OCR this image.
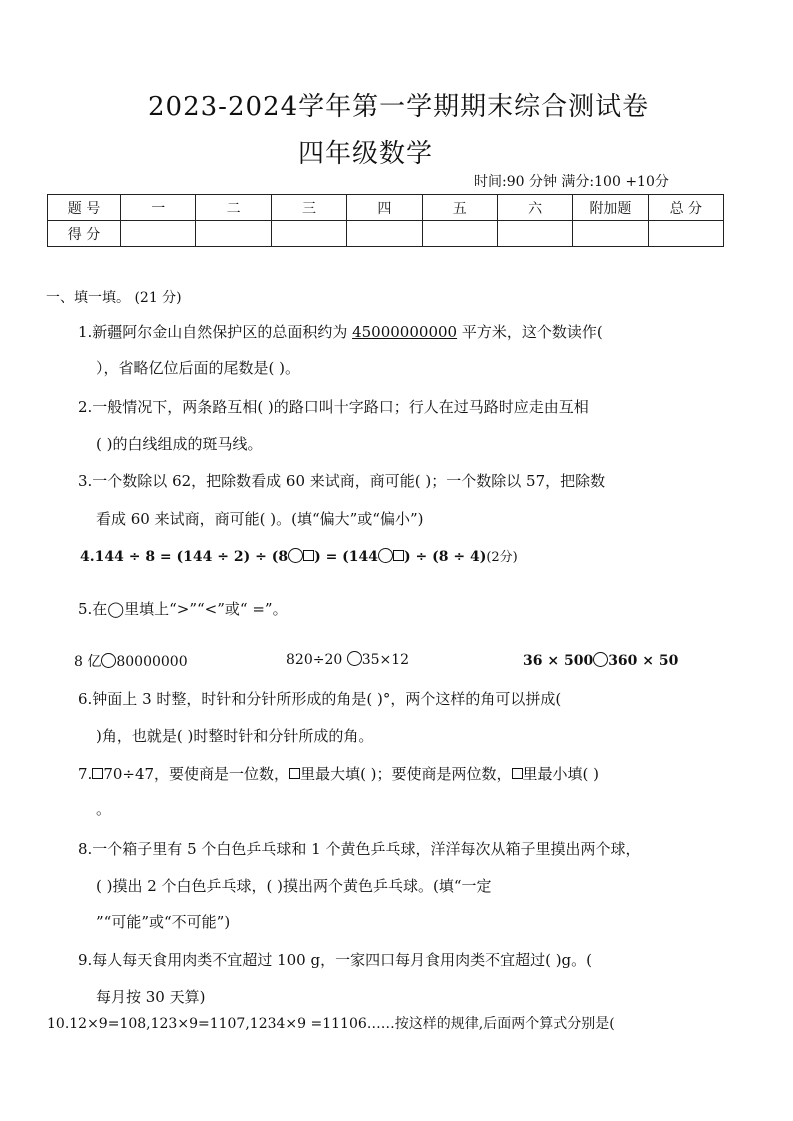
2023-2024学年第一学期期末综合测试卷
四年级数学
时间:90 分钟 满分:100 +10分
题 号	一	二	三	四	五	六	附加题	总 分
得 分								
一、填一填。 (21 分)
1.新疆阿尔金山自然保护区的总面积约为 45000000000 平方米，这个数读作(
），省略亿位后面的尾数是( )。
2.一般情况下，两条路互相( )的路口叫十字路口；行人在过马路时应走由互相
( )的白线组成的斑马线。
3.一个数除以 62，把除数看成 60 来试商，商可能( )；一个数除以 57，把除数
看成 60 来试商，商可能( )。(填“偏大”或“偏小”)
4.144 ÷ 8 = (144 ÷ 2) ÷ (8 ) = (144 ) ÷ (8 ÷ 4)(2分)
5.在◯里填上“>”“<”或“ =”。
8 亿 80000000	820÷20 35×12	36 × 500 360 × 50
6.钟面上 3 时整，时针和分针所形成的角是( )°，两个这样的角可以拼成(
)角，也就是( )时整时针和分针所成的角。
7. 70÷47，要使商是一位数， 里最大填( )；要使商是两位数， 里最小填( )
。
8.一个箱子里有 5 个白色乒乓球和 1 个黄色乒乓球，洋洋每次从箱子里摸出两个球，
( )摸出 2 个白色乒乓球，( )摸出两个黄色乒乓球。(填“一定
”“可能”或“不可能”)
9.每人每天食用肉类不宜超过 100 g，一家四口每月食用肉类不宜超过( )g。(
每月按 30 天算)
10.12×9=108,123×9=1107,1234×9 =11106……按这样的规律,后面两个算式分别是(
